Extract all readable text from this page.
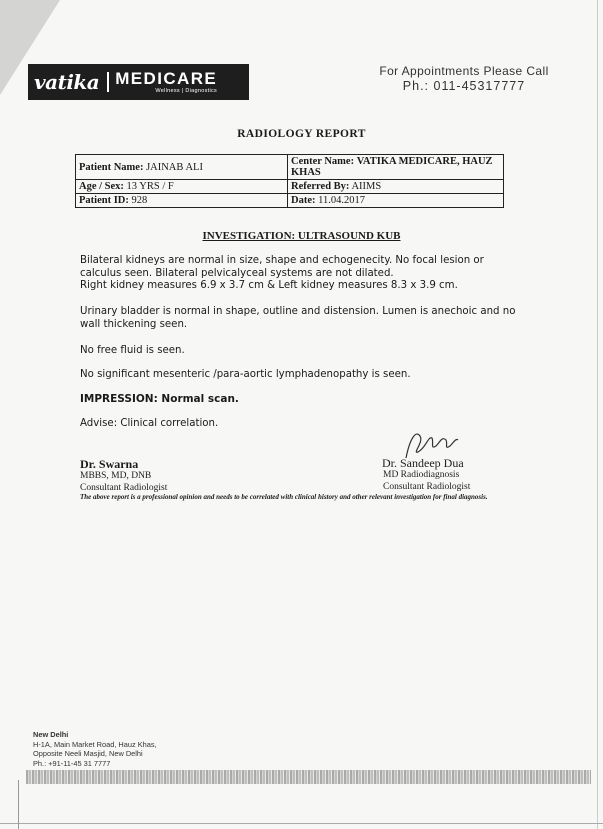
vatika MEDICARE
Wellness | Diagnostics
For Appointments Please Call
Ph.: 011-45317777
RADIOLOGY REPORT
Patient Name: JAINAB ALI	Center Name: VATIKA MEDICARE, HAUZ KHAS
Age / Sex: 13 YRS / F	Referred By: AIIMS
Patient ID: 928	Date: 11.04.2017
INVESTIGATION: ULTRASOUND KUB

Bilateral kidneys are normal in size, shape and echogenecity. No focal lesion or calculus seen. Bilateral pelvicalyceal systems are not dilated.

Right kidney measures 6.9 x 3.7 cm & Left kidney measures 8.3 x 3.9 cm.

Urinary bladder is normal in shape, outline and distension. Lumen is anechoic and no wall thickening seen.
No free fluid is seen.
No significant mesenteric /para-aortic lymphadenopathy is seen.
IMPRESSION: Normal scan.
Advise: Clinical correlation.
Dr. Swarna
MBBS, MD, DNB
Consultant Radiologist
Dr. Sandeep Dua
MD Radiodiagnosis
Consultant Radiologist
The above report is a professional opinion and needs to be correlated with clinical history and other relevant investigation for final diagnosis.
New Delhi
H-1A, Main Market Road, Hauz Khas,
Opposite Neeli Masjid, New Delhi
Ph.: +91-11-45 31 7777
